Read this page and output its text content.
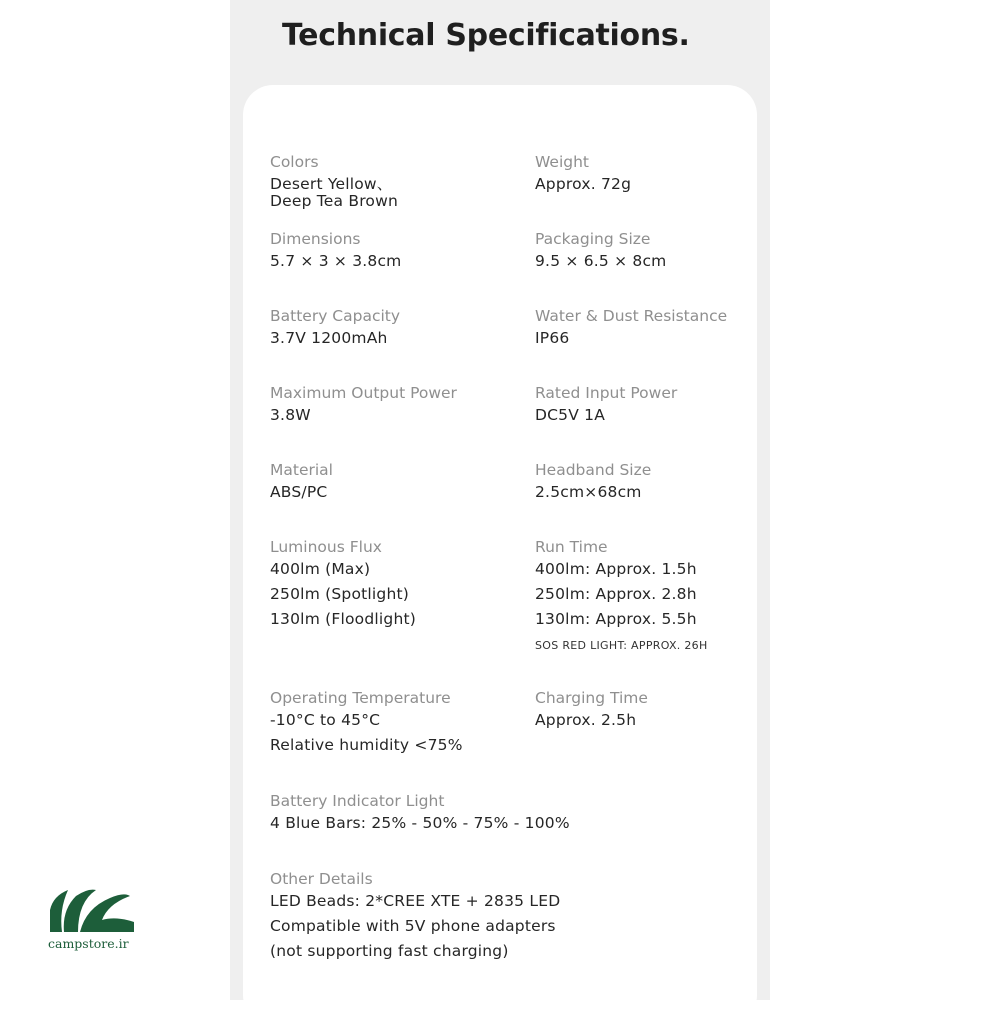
Technical Specifications.
Colors
Desert Yellow、
Deep Tea Brown
Dimensions
5.7 × 3 × 3.8cm
Battery Capacity
3.7V 1200mAh
Maximum Output Power
3.8W
Material
ABS/PC
Luminous Flux
400lm (Max)
250lm (Spotlight)
130lm (Floodlight)
Operating Temperature
-10°C to 45°C
Relative humidity <75%
Battery Indicator Light
4 Blue Bars: 25% - 50% - 75% - 100%
Other Details
LED Beads: 2*CREE XTE + 2835 LED
Compatible with 5V phone adapters
(not supporting fast charging)
Weight
Approx. 72g
Packaging Size
9.5 × 6.5 × 8cm
Water & Dust Resistance
IP66
Rated Input Power
DC5V 1A
Headband Size
2.5cm×68cm
Run Time
400lm: Approx. 1.5h
250lm: Approx. 2.8h
130lm: Approx. 5.5h
SOS RED LIGHT: APPROX. 26H
Charging Time
Approx. 2.5h
campstore.ir
